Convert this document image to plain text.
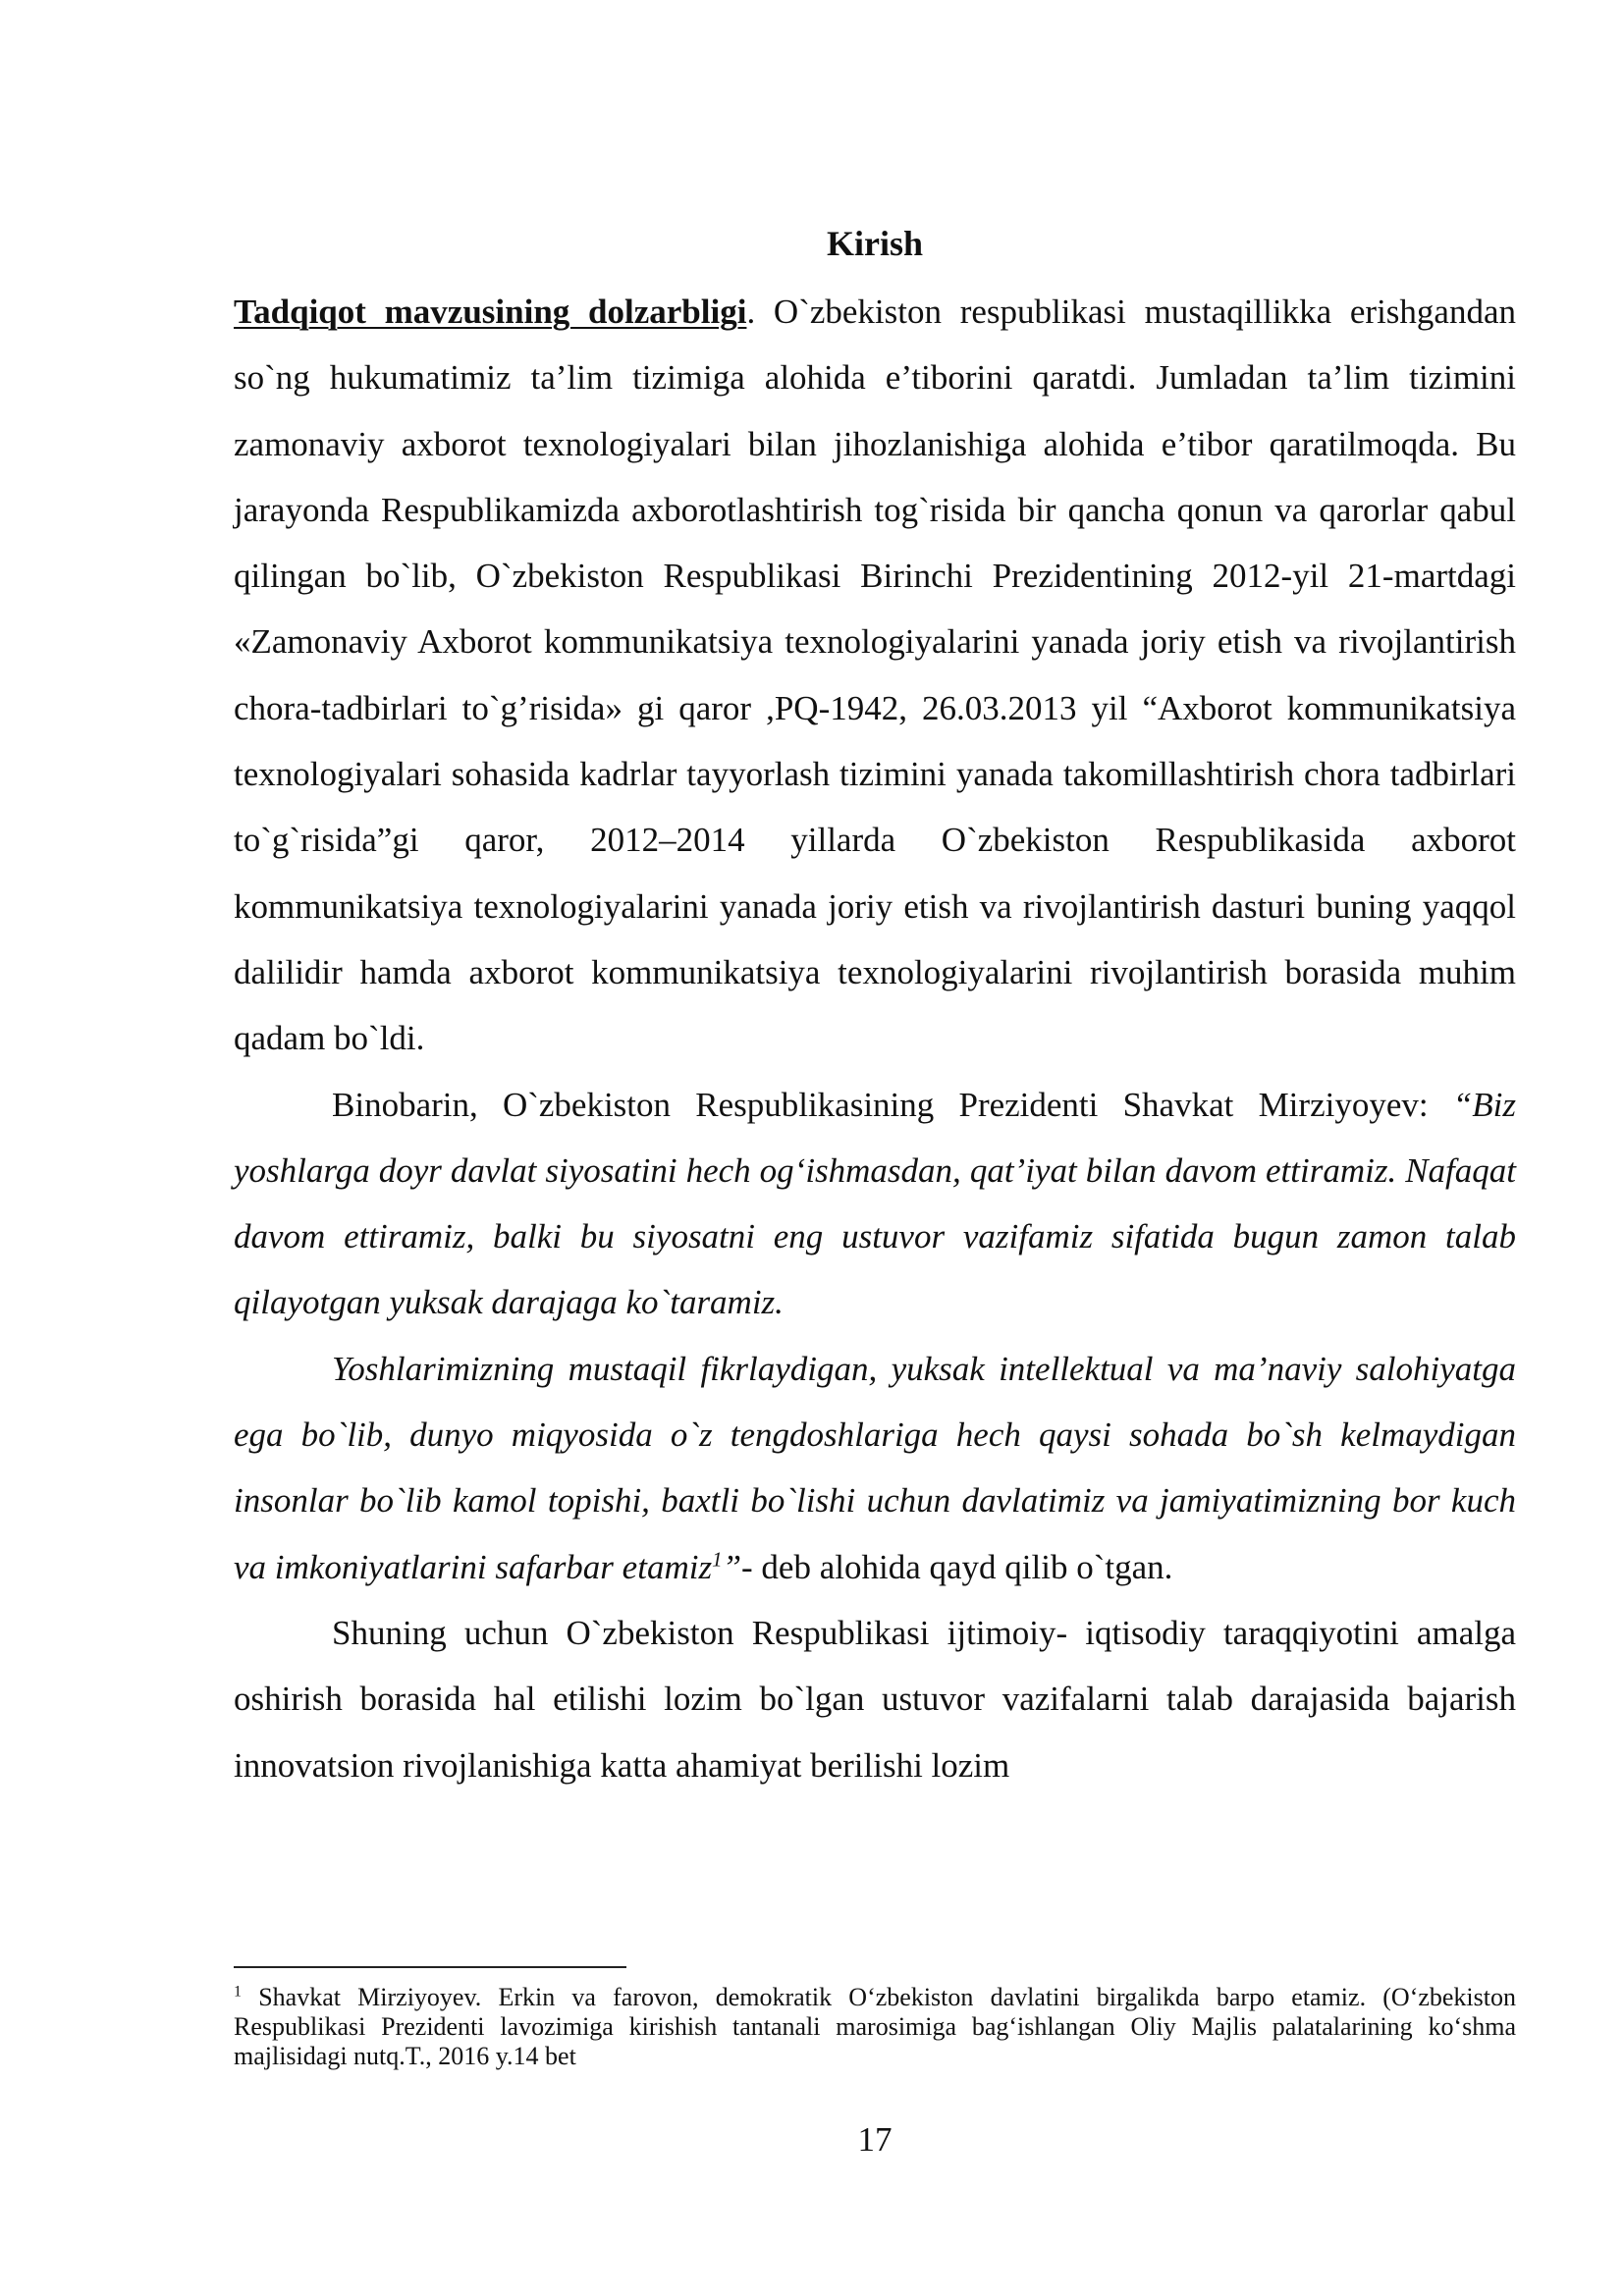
Kirish

Tadqiqot mavzusining dolzarbligi. O`zbekiston respublikasi mustaqillikka erishgandan so`ng hukumatimiz ta’lim tizimiga alohida e’tiborini qaratdi. Jumladan ta’lim tizimini zamonaviy axborot texnologiyalari bilan jihozlanishiga alohida e’tibor qaratilmoqda. Bu jarayonda Respublikamizda axborotlashtirish tog`risida bir qancha qonun va qarorlar qabul qilingan bo`lib, O`zbekiston Respublikasi Birinchi Prezidentining 2012-yil 21-martdagi «Zamonaviy Axborot kommunikatsiya texnologiyalarini yanada joriy etish va rivojlantirish chora-tadbirlari to`g’risida» gi qaror ,PQ-1942, 26.03.2013 yil “Axborot kommunikatsiya texnologiyalari sohasida kadrlar tayyorlash tizimini yanada takomillashtirish chora tadbirlari to`g`risida”gi qaror, 2012–2014 yillarda O`zbekiston Respublikasida axborot kommunikatsiya texnologiyalarini yanada joriy etish va rivojlantirish dasturi buning yaqqol dalilidir hamda axborot kommunikatsiya texnologiyalarini rivojlantirish borasida muhim qadam bo`ldi.

Binobarin, O`zbekiston Respublikasining Prezidenti Shavkat Mirziyoyev: “Biz yoshlarga doyr davlat siyosatini hech og‘ishmasdan, qat’iyat bilan davom ettiramiz. Nafaqat davom ettiramiz, balki bu siyosatni eng ustuvor vazifamiz sifatida bugun zamon talab qilayotgan yuksak darajaga ko`taramiz.

Yoshlarimizning mustaqil fikrlaydigan, yuksak intellektual va ma’naviy salohiyatga ega bo`lib, dunyo miqyosida o`z tengdoshlariga hech qaysi sohada bo`sh kelmaydigan insonlar bo`lib kamol topishi, baxtli bo`lishi uchun davlatimiz va jamiyatimizning bor kuch va imkoniyatlarini safarbar etamiz$^1$”- deb alohida qayd qilib o`tgan.

Shuning uchun O`zbekiston Respublikasi ijtimoiy- iqtisodiy taraqqiyotini amalga oshirish borasida hal etilishi lozim bo`lgan ustuvor vazifalarni talab darajasida bajarish innovatsion rivojlanishiga katta ahamiyat berilishi lozim

$^1$ Shavkat Mirziyoyev. Erkin va farovon, demokratik O‘zbekiston davlatini birgalikda barpo etamiz. (O‘zbekiston Respublikasi Prezidenti lavozimiga kirishish tantanali marosimiga bag‘ishlangan Oliy Majlis palatalarining ko‘shma majlisidagi nutq.T., 2016 y.14 bet
17
